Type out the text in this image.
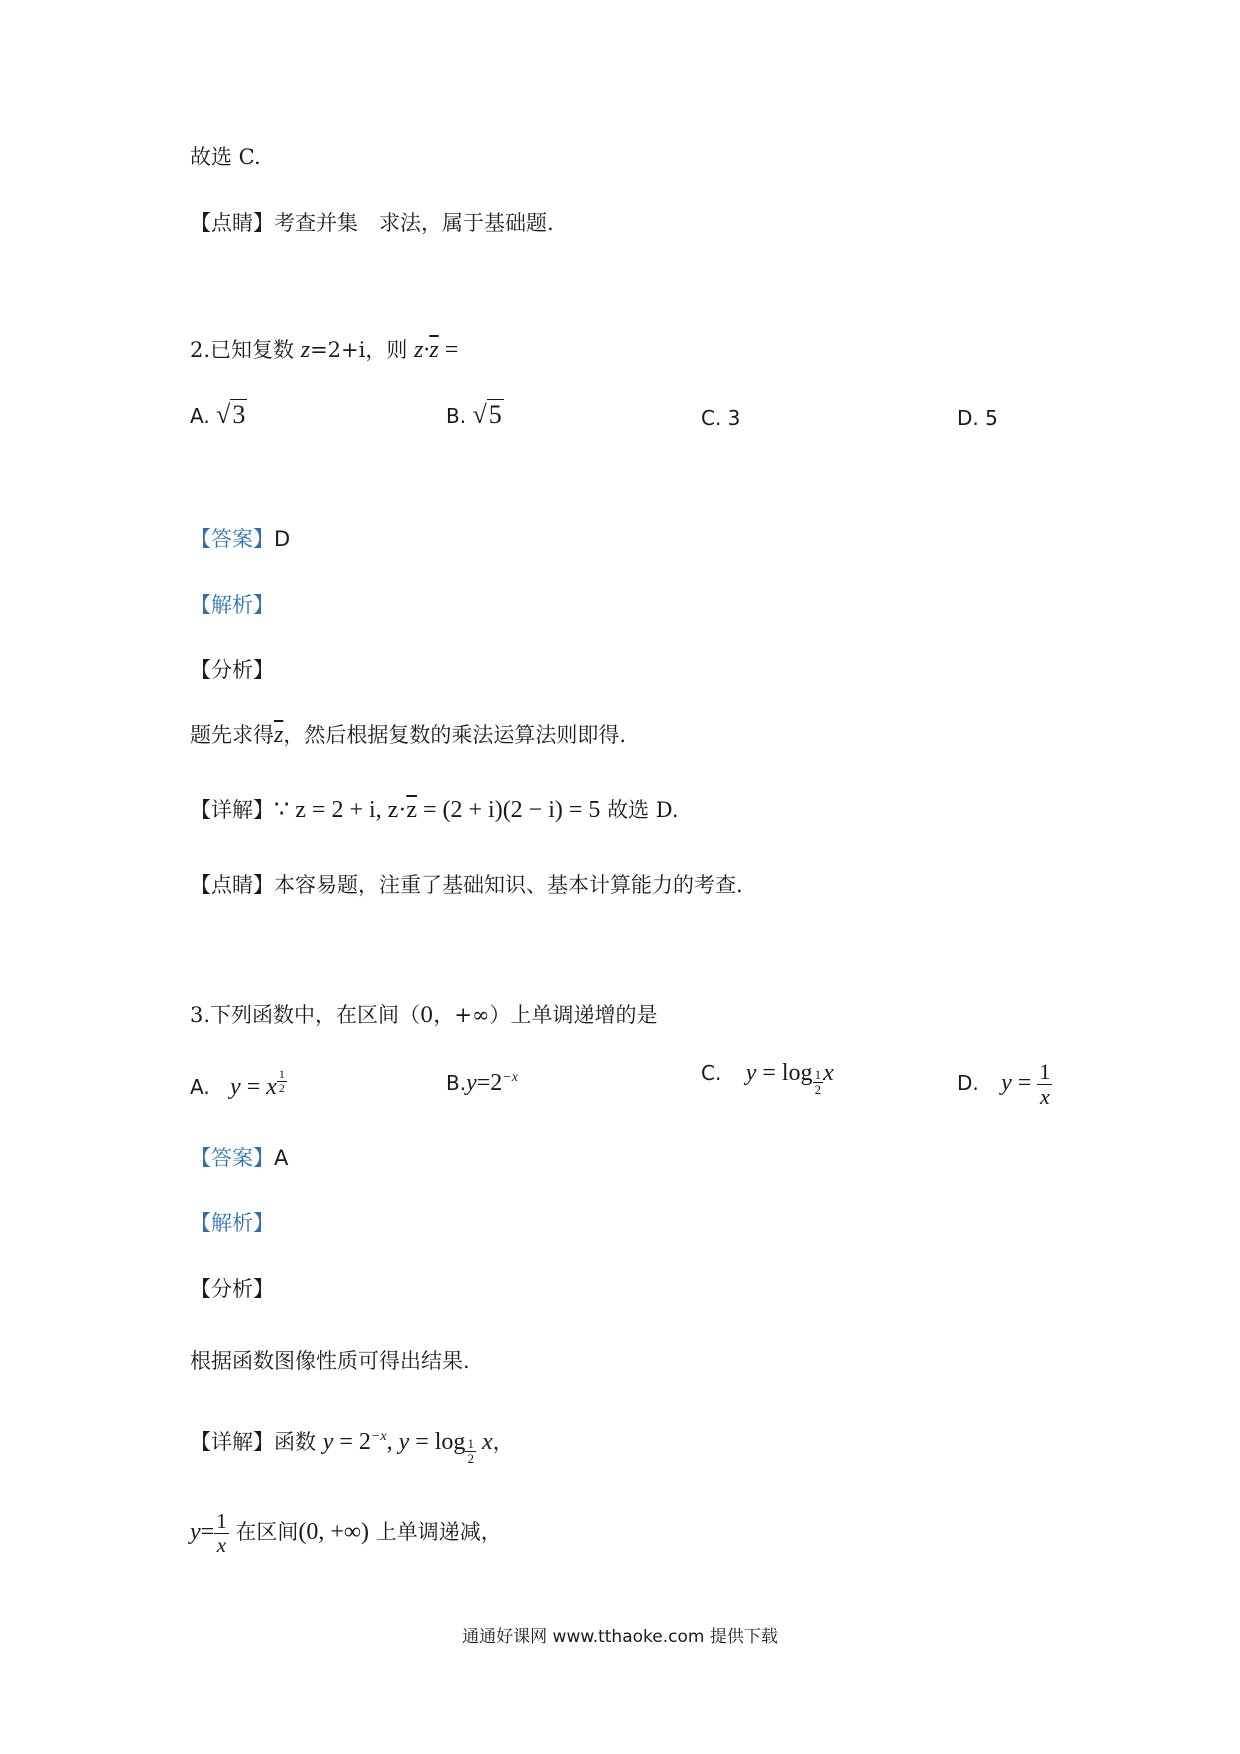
故选 C.
【点睛】考查并集　求法，属于基础题.
2.已知复数 z=2+i，则 $z\cdot\overline{z}$ =
A. √3	B. √5	C. 3	D. 5
【答案】D
【解析】
【分析】
题先求得$\overline{z}$，然后根据复数的乘法运算法则即得.
【详解】∵ z = 2 + i, $z\cdot\overline{z} = (2 + i)(2 - i) = 5$ 故选 D.
【点睛】本容易题，注重了基础知识、基本计算能力的考查.
3.下列函数中，在区间（0，+∞）上单调递增的是
A. y = x $^{\frac{1}{2}}$	$B.y=2^{-x}$	C. y = log $_{\frac{1}{2}}$ x	D. $y = \frac{1}{x}$
【答案】A
【解析】
【分析】
根据函数图像性质可得出结果.
【详解】函数 $y = 2^{-x}$, y = log $_{\frac{1}{2}}$ x，
$y= \frac{1}{x}$ 在区间(0, +∞) 上单调递减，
通通好课网 www.tthaoke.com 提供下载
